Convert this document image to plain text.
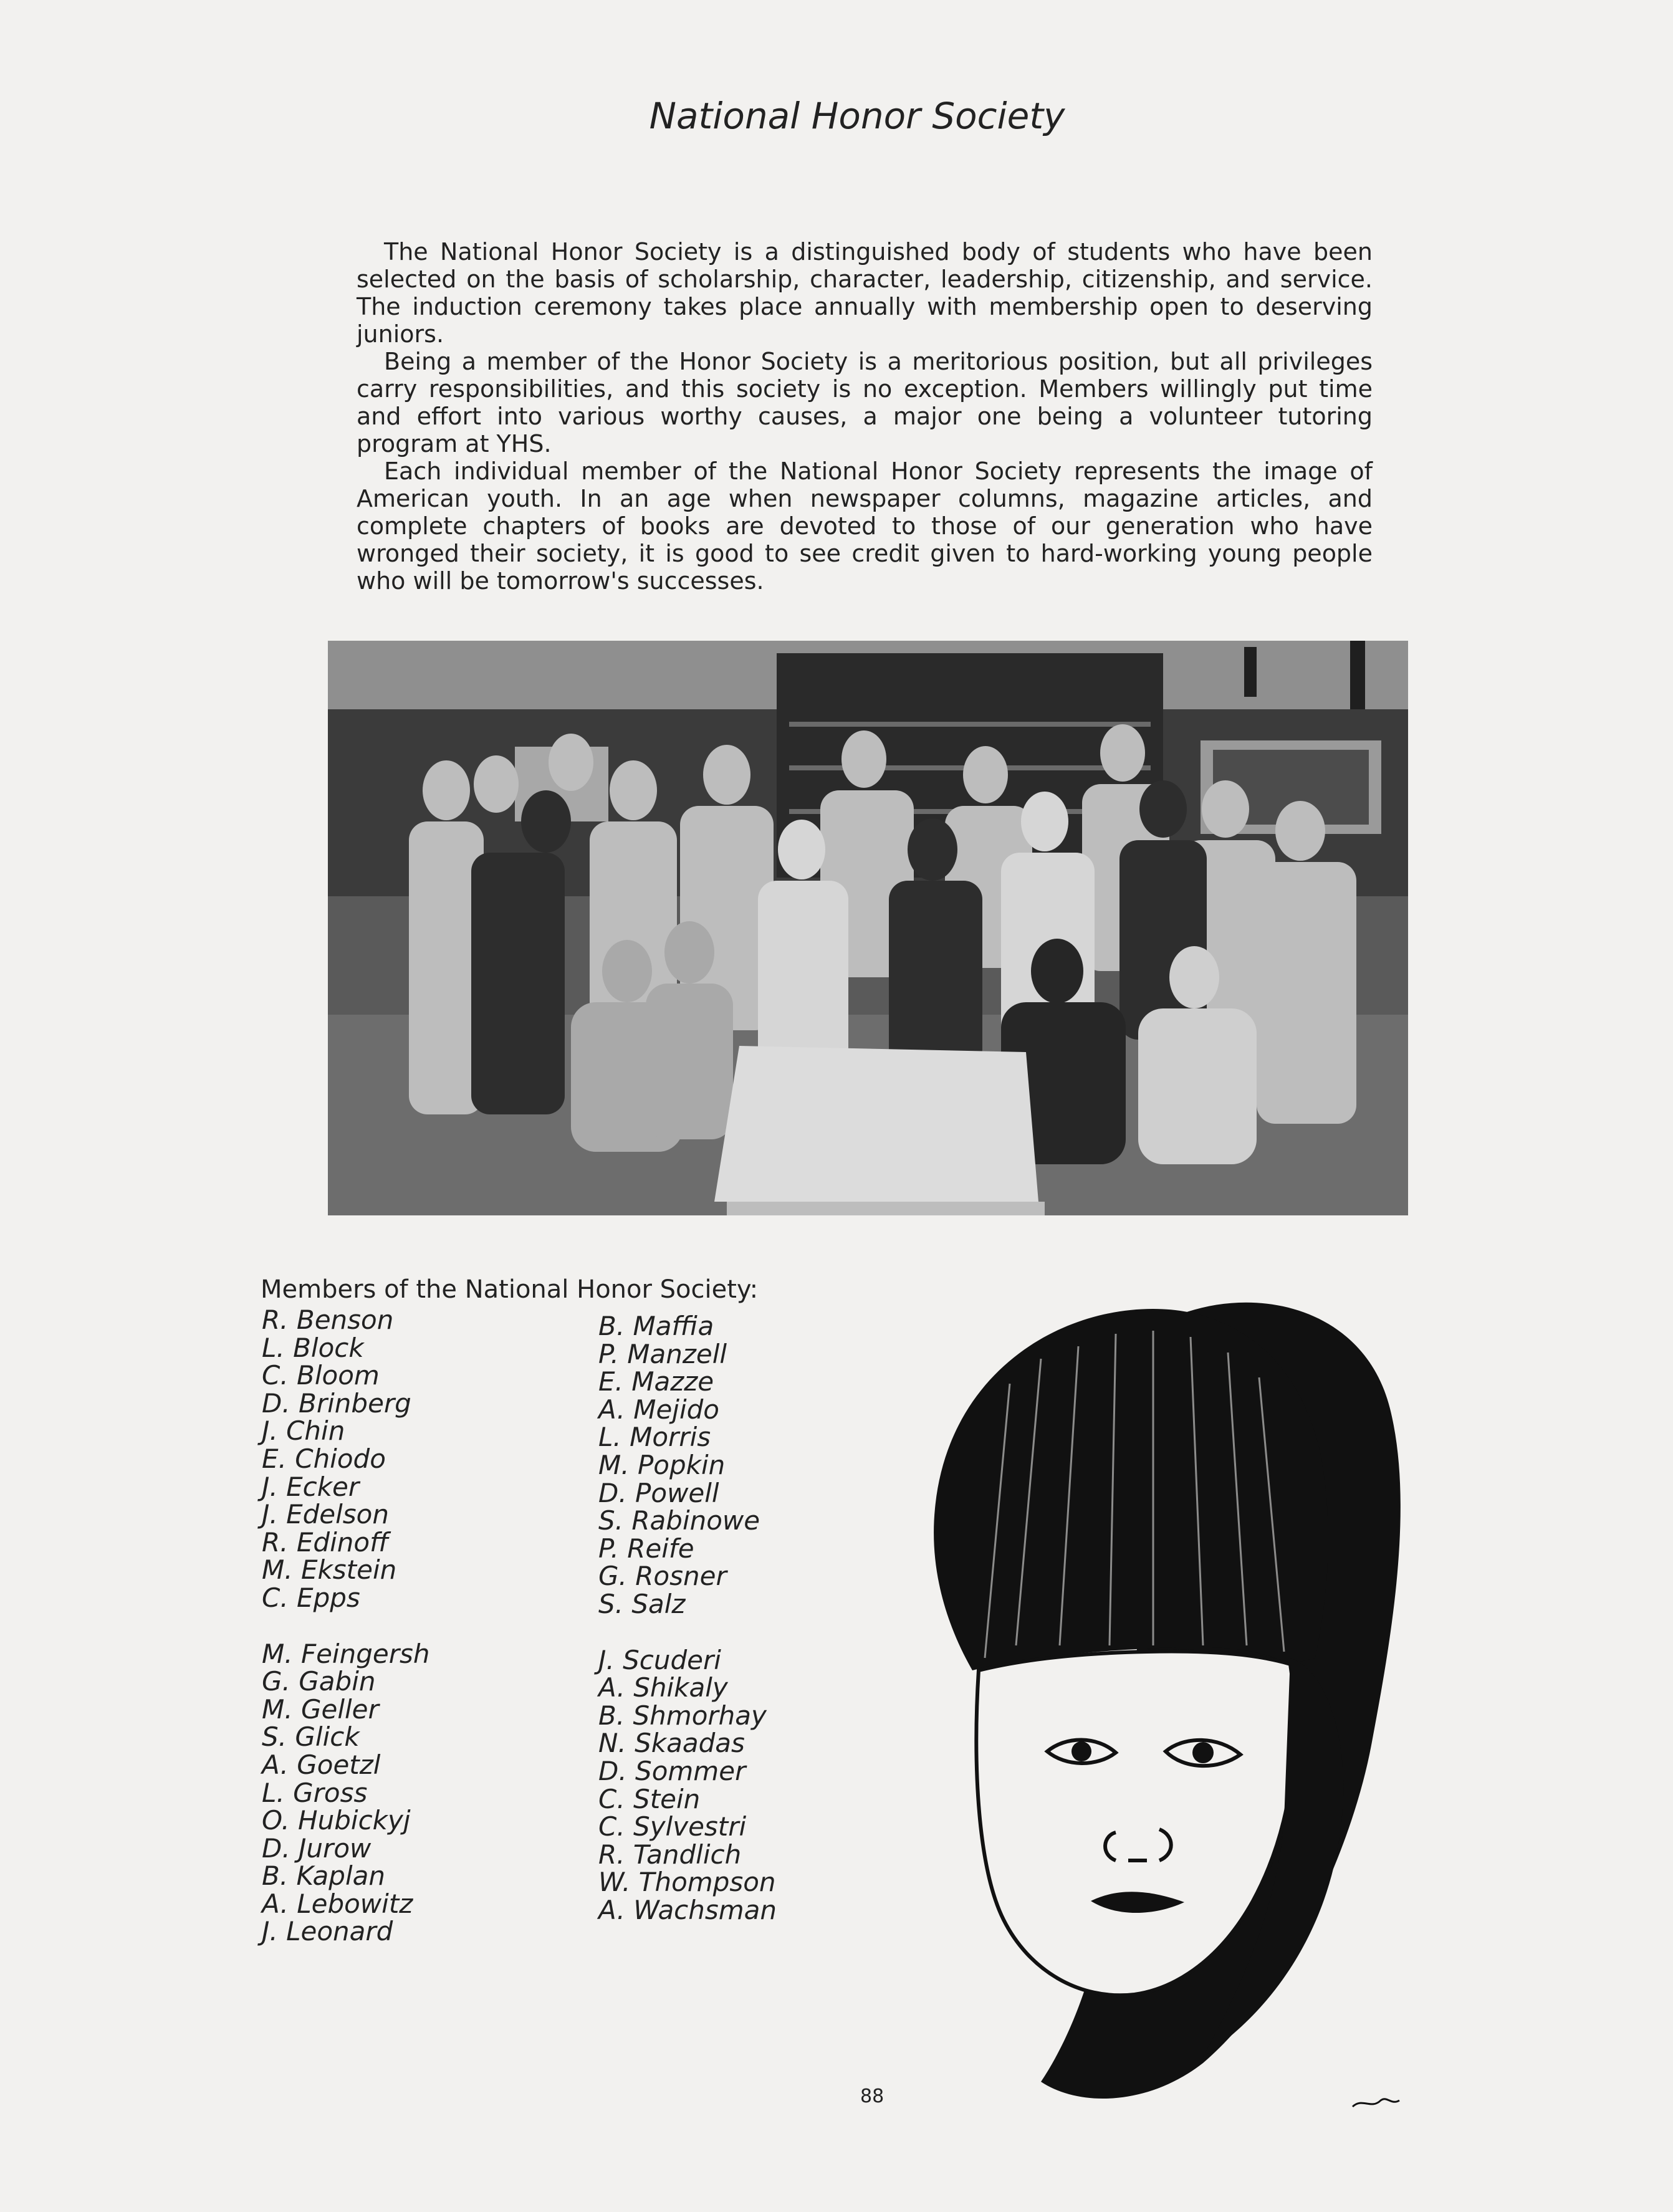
National Honor Society

The National Honor Society is a distinguished body of students who have been selected on the basis of scholarship, character, leadership, citizenship, and service. The induction ceremony takes place annually with membership open to deserving juniors.

Being a member of the Honor Society is a meritorious position, but all privileges carry responsibilities, and this society is no exception. Members willingly put time and effort into various worthy causes, a major one being a volunteer tutoring program at YHS.

Each individual member of the National Honor Society represents the image of American youth. In an age when newspaper columns, magazine articles, and complete chapters of books are devoted to those of our generation who have wronged their society, it is good to see credit given to hard-working young people who will be tomorrow's successes.

Members of the National Honor Society:
R. Benson
L. Block
C. Bloom
D. Brinberg
J. Chin
E. Chiodo
J. Ecker
J. Edelson
R. Edinoff
M. Ekstein
C. Epps
M. Feingersh
G. Gabin
M. Geller
S. Glick
A. Goetzl
L. Gross
O. Hubickyj
D. Jurow
B. Kaplan
A. Lebowitz
J. Leonard
B. Maffia
P. Manzell
E. Mazze
A. Mejido
L. Morris
M. Popkin
D. Powell
S. Rabinowe
P. Reife
G. Rosner
S. Salz
J. Scuderi
A. Shikaly
B. Shmorhay
N. Skaadas
D. Sommer
C. Stein
C. Sylvestri
R. Tandlich
W. Thompson
A. Wachsman
88
